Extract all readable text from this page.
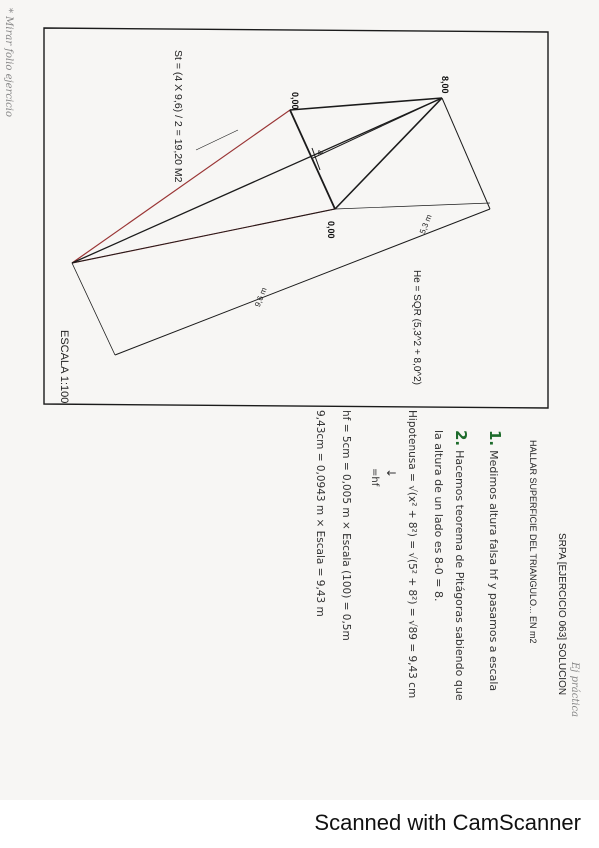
* Mirar folio ejercicio
Ej práctica
St = (4 X 9,6) / 2 = 19,20 M2
He = SQR (5,3^2 + 8,0^2)
9,6 m
5,3 m
8,00
0,00
0,00
4
ESCALA 1:100
SRPA [EJERCICIO 063] SOLUCION
HALLAR SUPERFICIE DEL TRIANGULO... EN m2
1.Medimos altura falsa hf y pasamos a escala
2.Hacemos teorema de Pitágoras sabiendo que
la altura de un lado es 8-0 = 8.
Hipotenusa = √(x² + 8²) = √(5² + 8²) = √89 = 9,43 cm
↓
=hf
hf = 5cm = 0,005 m × Escala (100) = 0,5m
9,43cm = 0,0943 m × Escala = 9,43 m
Scanned with CamScanner
